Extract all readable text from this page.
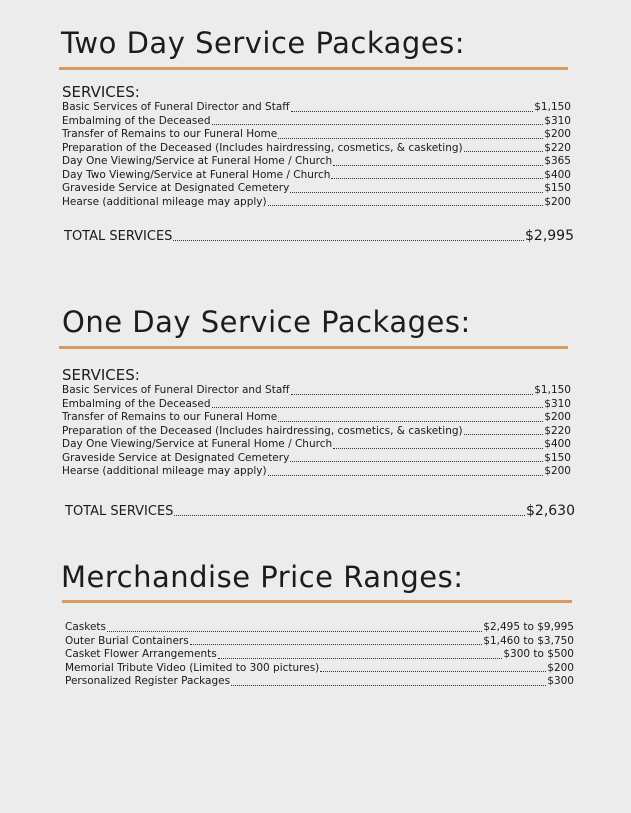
Two Day Service Packages:
SERVICES:
Basic Services of Funeral Director and Staff	$1,150
Embalming of the Deceased	$310
Transfer of Remains to our Funeral Home	$200
Preparation of the Deceased (Includes hairdressing, cosmetics, & casketing)	$220
Day One Viewing/Service at Funeral Home / Church	$365
Day Two Viewing/Service at Funeral Home / Church	$400
Graveside Service at Designated Cemetery	$150
Hearse (additional mileage may apply)	$200
TOTAL SERVICES	$2,995
One Day Service Packages:
SERVICES:
Basic Services of Funeral Director and Staff	$1,150
Embalming of the Deceased	$310
Transfer of Remains to our Funeral Home	$200
Preparation of the Deceased (Includes hairdressing, cosmetics, & casketing)	$220
Day One Viewing/Service at Funeral Home / Church	$400
Graveside Service at Designated Cemetery	$150
Hearse (additional mileage may apply)	$200
TOTAL SERVICES	$2,630
Merchandise Price Ranges:
Caskets	$2,495 to $9,995
Outer Burial Containers	$1,460 to $3,750
Casket Flower Arrangements	$300 to $500
Memorial Tribute Video (Limited to 300 pictures)	$200
Personalized Register Packages	$300
